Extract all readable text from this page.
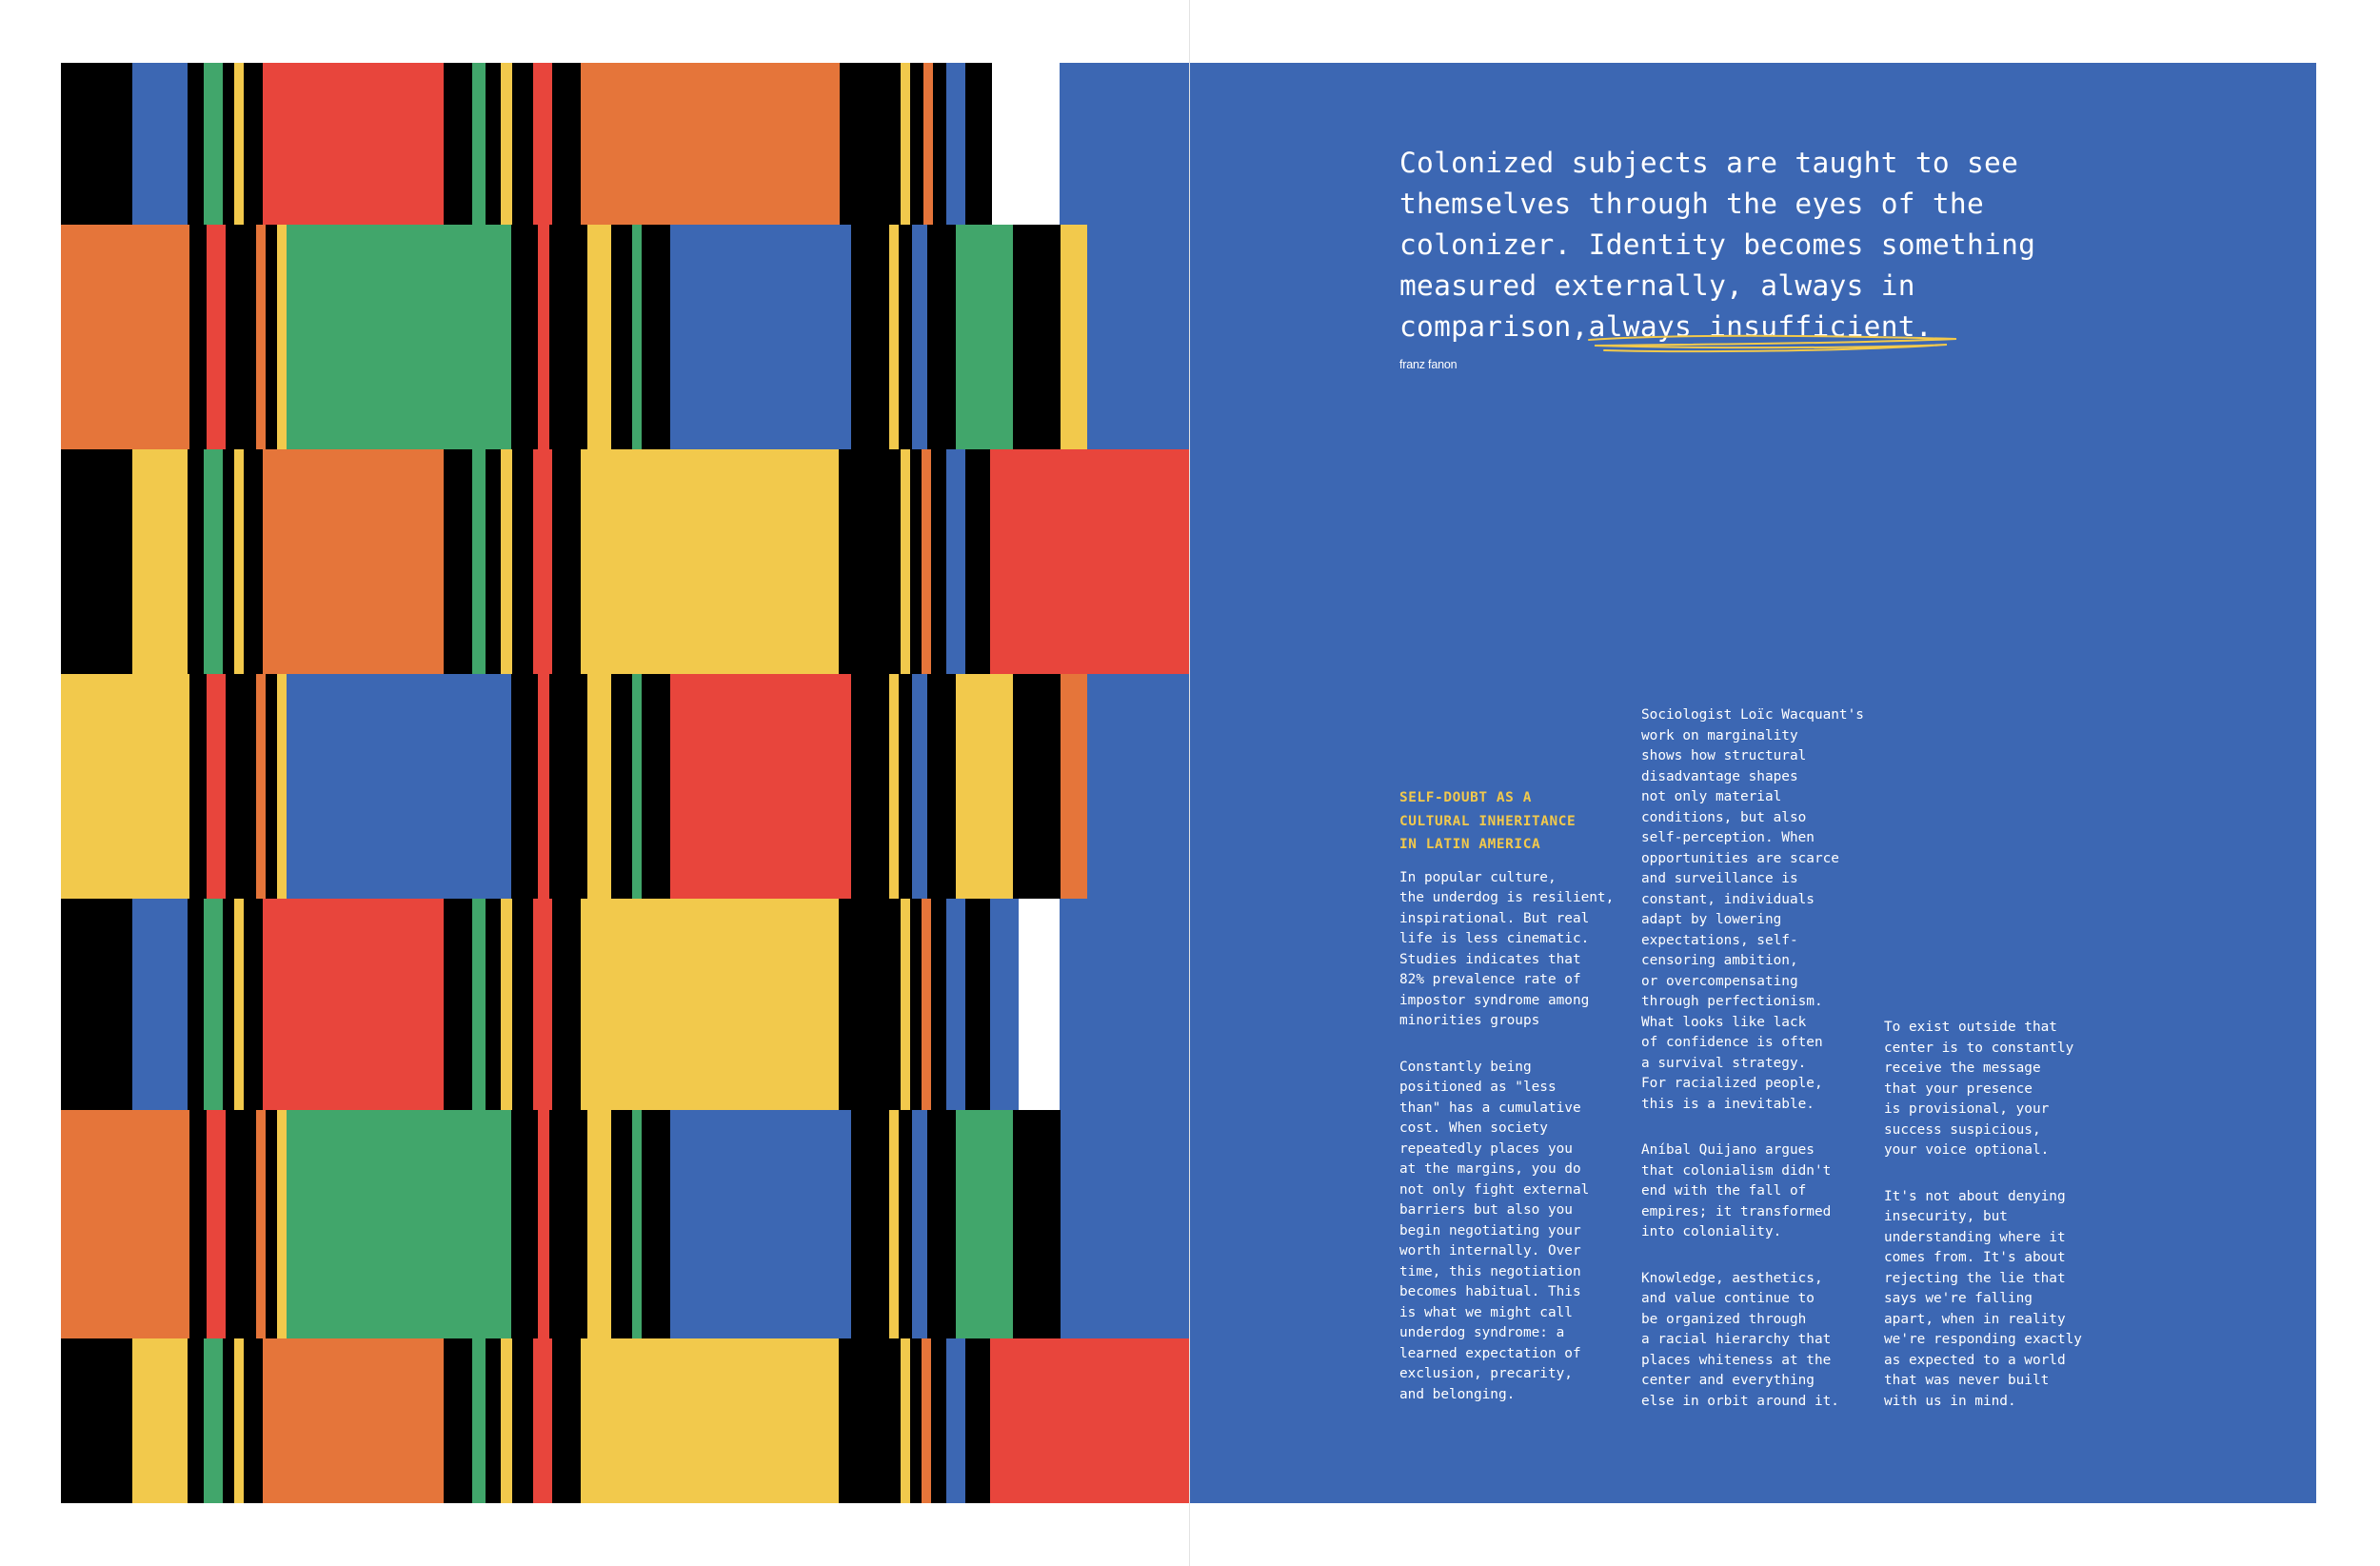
Colonized subjects are taught to see themselves through the eyes of the colonizer. Identity becomes something measured externally, always in comparison,always insufficient.

franz fanon
SELF-DOUBT AS A
CULTURAL INHERITANCE
IN LATIN AMERICA
In popular culture,
the underdog is resilient,
inspirational. But real
life is less cinematic.
Studies indicates that
82% prevalence rate of
impostor syndrome among
minorities groups
Constantly being
positioned as "less
than" has a cumulative
cost. When society
repeatedly places you
at the margins, you do
not only fight external
barriers but also you
begin negotiating your
worth internally. Over
time, this negotiation
becomes habitual. This
is what we might call
underdog syndrome: a
learned expectation of
exclusion, precarity,
and belonging.
Sociologist Loïc Wacquant's
work on marginality
shows how structural
disadvantage shapes
not only material
conditions, but also
self-perception. When
opportunities are scarce
and surveillance is
constant, individuals
adapt by lowering
expectations, self-
censoring ambition,
or overcompensating
through perfectionism.
What looks like lack
of confidence is often
a survival strategy.
For racialized people,
this is a inevitable.
Aníbal Quijano argues
that colonialism didn't
end with the fall of
empires; it transformed
into coloniality.
Knowledge, aesthetics,
and value continue to
be organized through
a racial hierarchy that
places whiteness at the
center and everything
else in orbit around it.
To exist outside that
center is to constantly
receive the message
that your presence
is provisional, your
success suspicious,
your voice optional.
It's not about denying
insecurity, but
understanding where it
comes from. It's about
rejecting the lie that
says we're falling
apart, when in reality
we're responding exactly
as expected to a world
that was never built
with us in mind.
